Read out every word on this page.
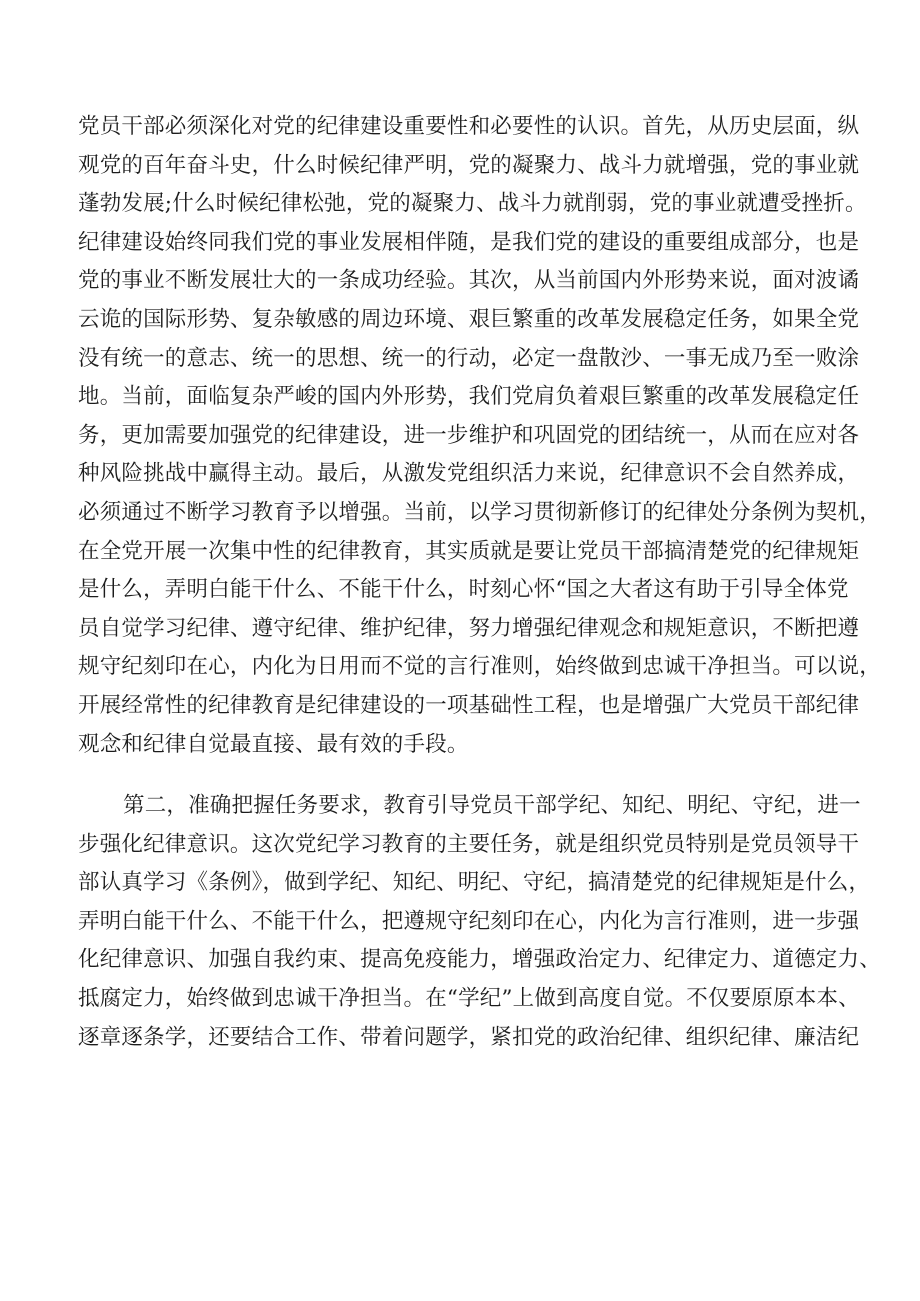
党员干部必须深化对党的纪律建设重要性和必要性的认识。首先，从历史层面，纵
观党的百年奋斗史，什么时候纪律严明，党的凝聚力、战斗力就增强，党的事业就
蓬勃发展;什么时候纪律松弛，党的凝聚力、战斗力就削弱，党的事业就遭受挫折。
纪律建设始终同我们党的事业发展相伴随，是我们党的建设的重要组成部分，也是
党的事业不断发展壮大的一条成功经验。其次，从当前国内外形势来说，面对波谲
云诡的国际形势、复杂敏感的周边环境、艰巨繁重的改革发展稳定任务，如果全党
没有统一的意志、统一的思想、统一的行动，必定一盘散沙、一事无成乃至一败涂
地。当前，面临复杂严峻的国内外形势，我们党肩负着艰巨繁重的改革发展稳定任
务，更加需要加强党的纪律建设，进一步维护和巩固党的团结统一，从而在应对各
种风险挑战中赢得主动。最后，从激发党组织活力来说，纪律意识不会自然养成，
必须通过不断学习教育予以增强。当前，以学习贯彻新修订的纪律处分条例为契机，
在全党开展一次集中性的纪律教育，其实质就是要让党员干部搞清楚党的纪律规矩
是什么，弄明白能干什么、不能干什么，时刻心怀“国之大者这有助于引导全体党
员自觉学习纪律、遵守纪律、维护纪律，努力增强纪律观念和规矩意识，不断把遵
规守纪刻印在心，内化为日用而不觉的言行准则，始终做到忠诚干净担当。可以说，
开展经常性的纪律教育是纪律建设的一项基础性工程，也是增强广大党员干部纪律
观念和纪律自觉最直接、最有效的手段。
第二，准确把握任务要求，教育引导党员干部学纪、知纪、明纪、守纪，进一
步强化纪律意识。这次党纪学习教育的主要任务，就是组织党员特别是党员领导干
部认真学习《条例》，做到学纪、知纪、明纪、守纪，搞清楚党的纪律规矩是什么，
弄明白能干什么、不能干什么，把遵规守纪刻印在心，内化为言行准则，进一步强
化纪律意识、加强自我约束、提高免疫能力，增强政治定力、纪律定力、道德定力、
抵腐定力，始终做到忠诚干净担当。在“学纪”上做到高度自觉。不仅要原原本本、
逐章逐条学，还要结合工作、带着问题学，紧扣党的政治纪律、组织纪律、廉洁纪
